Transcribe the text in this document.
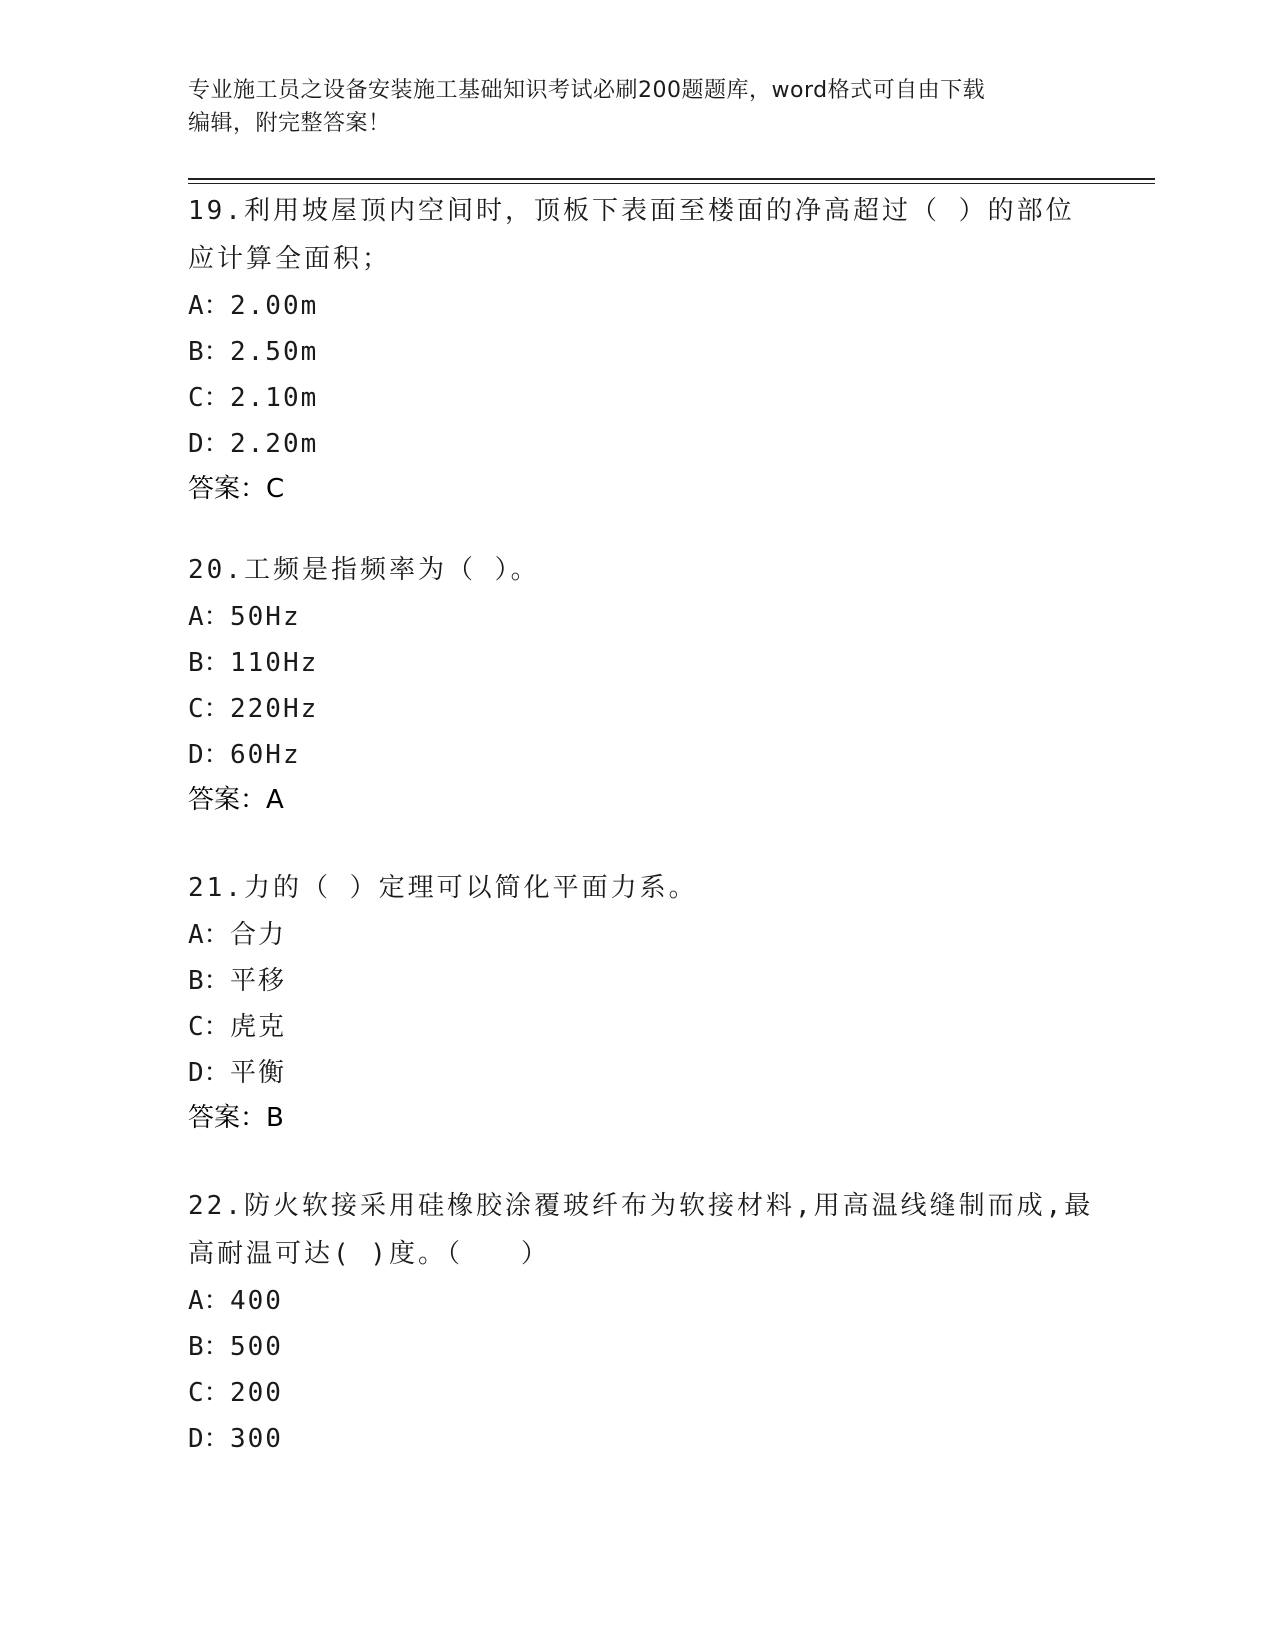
专业施工员之设备安装施工基础知识考试必刷200题题库，word格式可自由下载
编辑，附完整答案！
19.利用坡屋顶内空间时，顶板下表面至楼面的净高超过（ ）的部位
应计算全面积；
A：2.00m
B：2.50m
C：2.10m
D：2.20m
答案：C
20.工频是指频率为（ ）。
A：50Hz
B：110Hz
C：220Hz
D：60Hz
答案：A
21.力的（ ）定理可以简化平面力系。
A：合力
B：平移
C：虎克
D：平衡
答案：B
22.防火软接采用硅橡胶涂覆玻纤布为软接材料,用高温线缝制而成,最
高耐温可达( )度。（　　）
A：400
B：500
C：200
D：300
